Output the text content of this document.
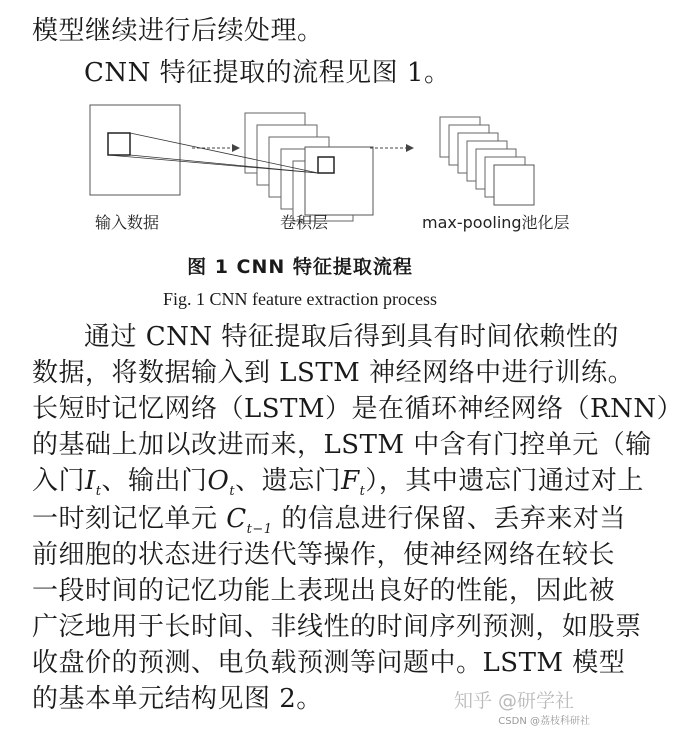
模型继续进行后续处理。
CNN 特征提取的流程见图 1。
输入数据	卷积层	max-pooling池化层
图 1 CNN 特征提取流程
Fig. 1 CNN feature extraction process
通过 CNN 特征提取后得到具有时间依赖性的
数据，将数据输入到 LSTM 神经网络中进行训练。
长短时记忆网络（LSTM）是在循环神经网络（RNN）
的基础上加以改进而来，LSTM 中含有门控单元（输
入门$I_t$、输出门$O_t$、遗忘门$F_t$），其中遗忘门通过对上
一时刻记忆单元 $C_{t-1}$ 的信息进行保留、丢弃来对当
前细胞的状态进行迭代等操作，使神经网络在较长
一段时间的记忆功能上表现出良好的性能，因此被
广泛地用于长时间、非线性的时间序列预测，如股票
收盘价的预测、电负载预测等问题中。LSTM 模型
的基本单元结构见图 2。	知乎 @研学社
CSDN @荔枝科研社
